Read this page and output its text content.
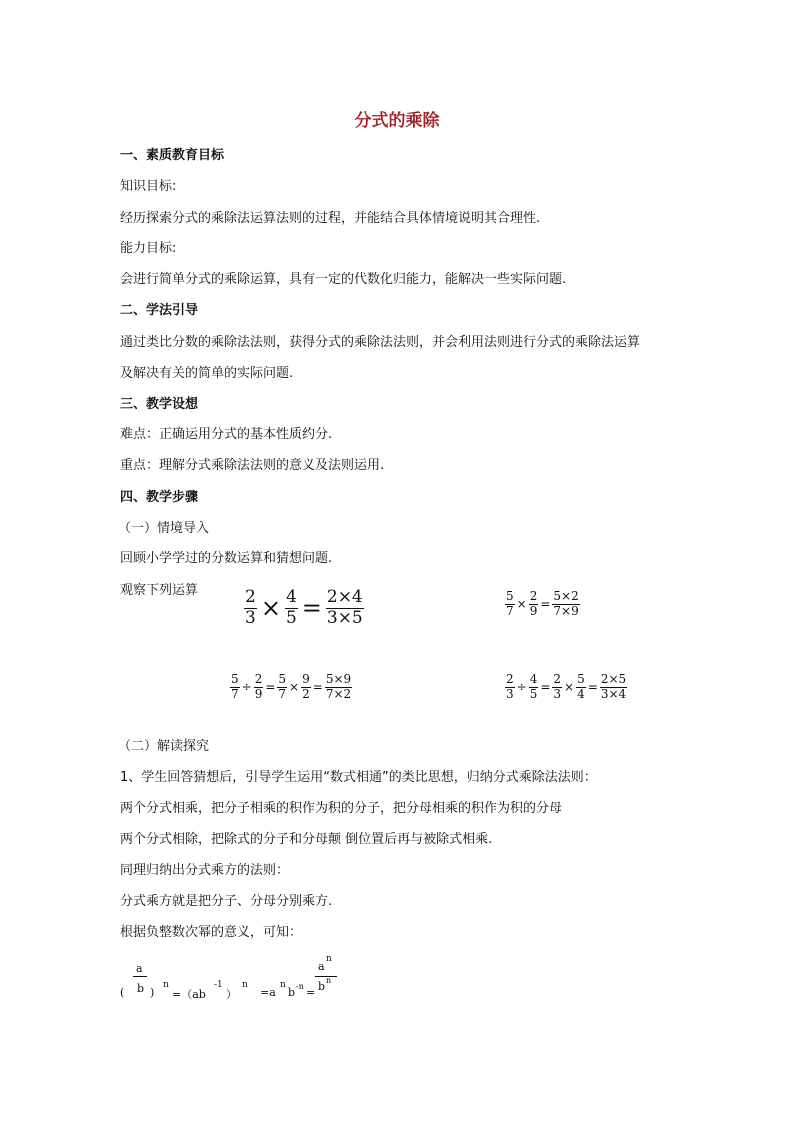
分式的乘除
一、素质教育目标
知识目标:
经历探索分式的乘除法运算法则的过程，并能结合具体情境说明其合理性.
能力目标:
会进行简单分式的乘除运算，具有一定的代数化归能力，能解决一些实际问题.
二、学法引导
通过类比分数的乘除法法则，获得分式的乘除法法则，并会利用法则进行分式的乘除法运算
及解决有关的简单的实际问题.
三、教学设想
难点：正确运用分式的基本性质约分.
重点：理解分式乘除法法则的意义及法则运用.
四、教学步骤
（一）情境导入
回顾小学学过的分数运算和猜想问题.
观察下列运算	$\frac{2}{3} \times \frac{4}{5} = \frac{2\times 4}{3\times 5}$	$\frac{5}{7} \times \frac{2}{9} = \frac{5\times 2}{7\times 9}$
$\frac{5}{7} \div \frac{2}{9} = \frac{5}{7} \times \frac{9}{2} = \frac{5\times 9}{7\times 2}$	$\frac{2}{3} \div \frac{4}{5} = \frac{2}{3} \times \frac{5}{4} = \frac{2\times 5}{3\times 4}$
（二）解读探究
1、学生回答猜想后，引导学生运用“数式相通”的类比思想，归纳分式乘除法法则：
两个分式相乘，把分子相乘的积作为积的分子，把分母相乘的积作为积的分母
两个分式相除，把除式的分子和分母颠 倒位置后再与被除式相乘.
同理归纳出分式乘方的法则：
分式乘方就是把分子、分母分别乘方.
根据负整数次幂的意义，可知：
a
( b )
n
=（ab
-1
）
n
=a
n
b -n =
a
n
b n
